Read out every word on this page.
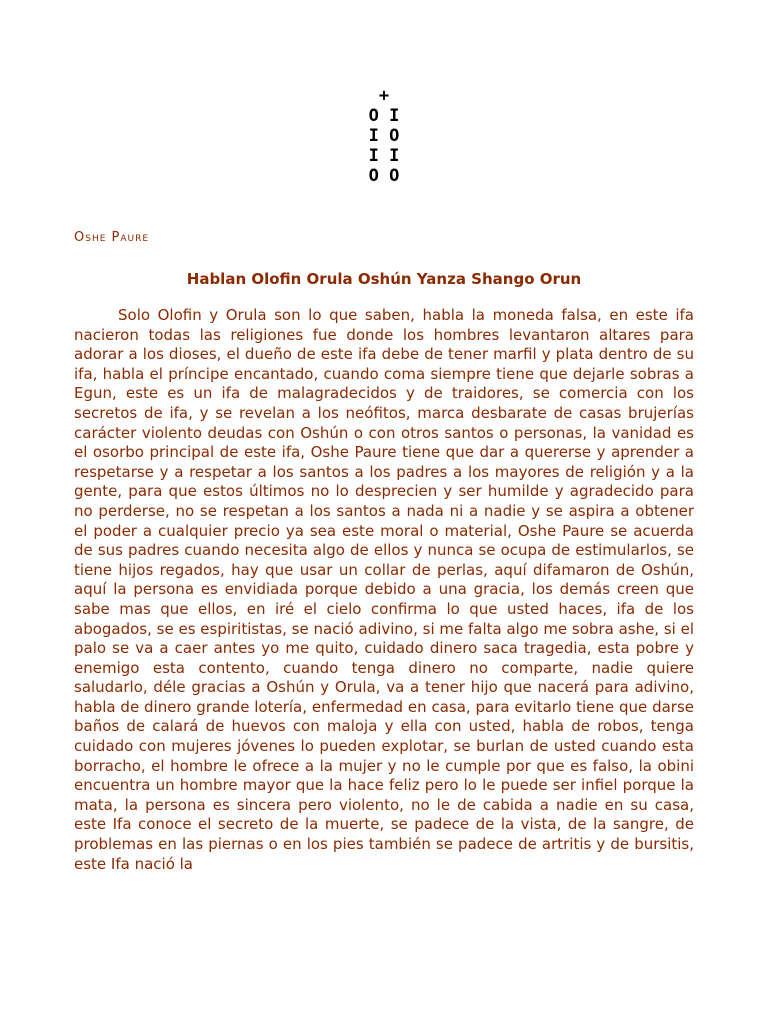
+
O I
I O
I I
O O
Oshe Paure
Hablan Olofin Orula Oshún Yanza Shango Orun

Solo Olofin y Orula son lo que saben, habla la moneda falsa, en este ifa nacieron todas las religiones fue donde los hombres levantaron altares para adorar a los dioses, el dueño de este ifa debe de tener marfil y plata dentro de su ifa, habla el príncipe encantado, cuando coma siempre tiene que dejarle sobras a Egun, este es un ifa de malagradecidos y de traidores, se comercia con los secretos de ifa, y se revelan a los neófitos, marca desbarate de casas brujerías carácter violento deudas con Oshún o con otros santos o personas, la vanidad es el osorbo principal de este ifa, Oshe Paure tiene que dar a quererse y aprender a respetarse y a respetar a los santos a los padres a los mayores de religión y a la gente, para que estos últimos no lo desprecien y ser humilde y agradecido para no perderse, no se respetan a los santos a nada ni a nadie y se aspira a obtener el poder a cualquier precio ya sea este moral o material, Oshe Paure se acuerda de sus padres cuando necesita algo de ellos y nunca se ocupa de estimularlos, se tiene hijos regados, hay que usar un collar de perlas, aquí difamaron de Oshún, aquí la persona es envidiada porque debido a una gracia, los demás creen que sabe mas que ellos, en iré el cielo confirma lo que usted haces, ifa de los abogados, se es espiritistas, se nació adivino, si me falta algo me sobra ashe, si el palo se va a caer antes yo me quito, cuidado dinero saca tragedia, esta pobre y enemigo esta contento, cuando tenga dinero no comparte, nadie quiere saludarlo, déle gracias a Oshún y Orula, va a tener hijo que nacerá para adivino, habla de dinero grande lotería, enfermedad en casa, para evitarlo tiene que darse baños de calará de huevos con maloja y ella con usted, habla de robos, tenga cuidado con mujeres jóvenes lo pueden explotar, se burlan de usted cuando esta borracho, el hombre le ofrece a la mujer y no le cumple por que es falso, la obini encuentra un hombre mayor que la hace feliz pero lo le puede ser infiel porque la mata, la persona es sincera pero violento, no le de cabida a nadie en su casa, este Ifa conoce el secreto de la muerte, se padece de la vista, de la sangre, de problemas en las piernas o en los pies también se padece de artritis y de bursitis, este Ifa nació la
